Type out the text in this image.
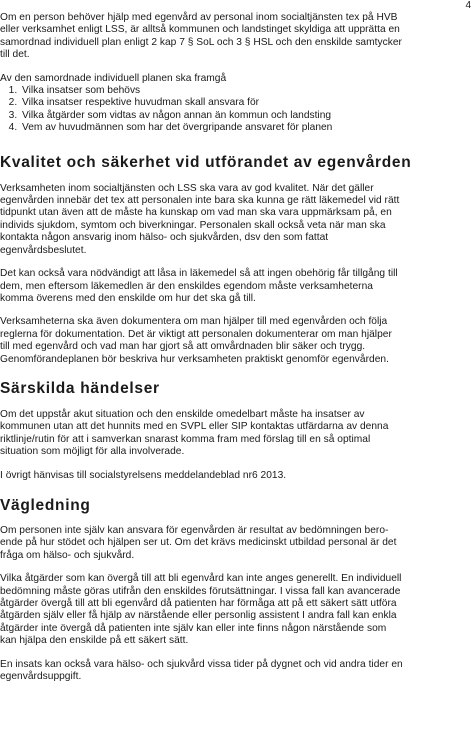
4

Om en person behöver hjälp med egenvård av personal inom socialtjänsten tex på HVB

eller verksamhet enligt LSS, är alltså kommunen och landstinget skyldiga att upprätta en

samordnad individuell plan enligt 2 kap 7 § SoL och 3 § HSL och den enskilde samtycker

till det.

Av den samordnade individuell planen ska framgå

1. Vilka insatser som behövs
2. Vilka insatser respektive huvudman skall ansvara för
3. Vilka åtgärder som vidtas av någon annan än kommun och landsting
4. Vem av huvudmännen som har det övergripande ansvaret för planen
Kvalitet och säkerhet vid utförandet av egenvården

Verksamheten inom socialtjänsten och LSS ska vara av god kvalitet. När det gäller

egenvården innebär det tex att personalen inte bara ska kunna ge rätt läkemedel vid rätt

tidpunkt utan även att de måste ha kunskap om vad man ska vara uppmärksam på, en

individs sjukdom, symtom och biverkningar. Personalen skall också veta när man ska

kontakta någon ansvarig inom hälso- och sjukvården, dsv den som fattat

egenvårdsbeslutet.

Det kan också vara nödvändigt att låsa in läkemedel så att ingen obehörig får tillgång till

dem, men eftersom läkemedlen är den enskildes egendom måste verksamheterna

komma överens med den enskilde om hur det ska gå till.

Verksamheterna ska även dokumentera om man hjälper till med egenvården och följa

reglerna för dokumentation. Det är viktigt att personalen dokumenterar om man hjälper

till med egenvård och vad man har gjort så att omvårdnaden blir säker och trygg.

Genomförandeplanen bör beskriva hur verksamheten praktiskt genomför egenvården.

Särskilda händelser

Om det uppstår akut situation och den enskilde omedelbart måste ha insatser av

kommunen utan att det hunnits med en SVPL eller SIP kontaktas utfärdarna av denna

riktlinje/rutin för att i samverkan snarast komma fram med förslag till en så optimal

situation som möjligt för alla involverade.

I övrigt hänvisas till socialstyrelsens meddelandeblad nr6 2013.

Vägledning

Om personen inte själv kan ansvara för egenvården är resultat av bedömningen bero-

ende på hur stödet och hjälpen ser ut. Om det krävs medicinskt utbildad personal är det

fråga om hälso- och sjukvård.

Vilka åtgärder som kan övergå till att bli egenvård kan inte anges generellt. En individuell

bedömning måste göras utifrån den enskildes förutsättningar. I vissa fall kan avancerade

åtgärder övergå till att bli egenvård då patienten har förmåga att på ett säkert sätt utföra

åtgärden själv eller få hjälp av närstående eller personlig assistent I andra fall kan enkla

åtgärder inte övergå då patienten inte själv kan eller inte finns någon närstående som

kan hjälpa den enskilde på ett säkert sätt.

En insats kan också vara hälso- och sjukvård vissa tider på dygnet och vid andra tider en

egenvårdsuppgift.
